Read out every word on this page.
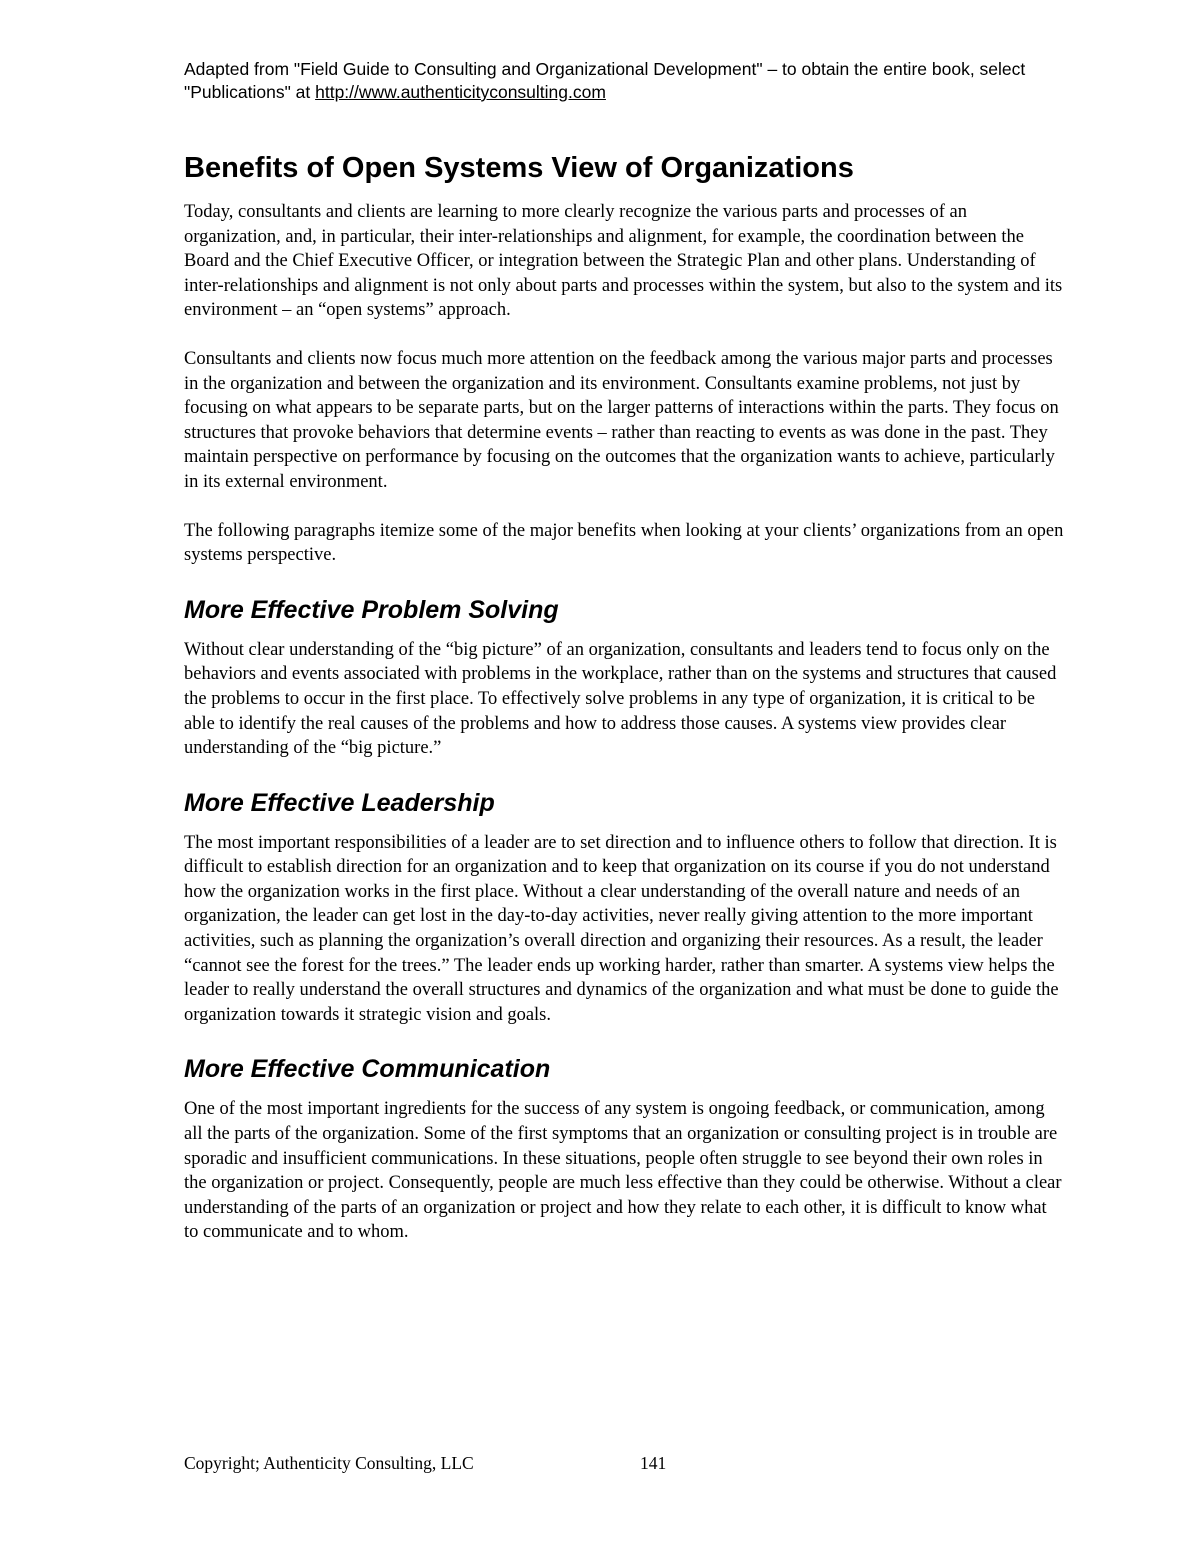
Adapted from "Field Guide to Consulting and Organizational Development" – to obtain the entire book, select "Publications" at http://www.authenticityconsulting.com
Benefits of Open Systems View of Organizations

Today, consultants and clients are learning to more clearly recognize the various parts and processes of an organization, and, in particular, their inter-relationships and alignment, for example, the coordination between the Board and the Chief Executive Officer, or integration between the Strategic Plan and other plans. Understanding of inter-relationships and alignment is not only about parts and processes within the system, but also to the system and its environment – an “open systems” approach.

Consultants and clients now focus much more attention on the feedback among the various major parts and processes in the organization and between the organization and its environment. Consultants examine problems, not just by focusing on what appears to be separate parts, but on the larger patterns of interactions within the parts. They focus on structures that provoke behaviors that determine events – rather than reacting to events as was done in the past. They maintain perspective on performance by focusing on the outcomes that the organization wants to achieve, particularly in its external environment.

The following paragraphs itemize some of the major benefits when looking at your clients’ organizations from an open systems perspective.

More Effective Problem Solving

Without clear understanding of the “big picture” of an organization, consultants and leaders tend to focus only on the behaviors and events associated with problems in the workplace, rather than on the systems and structures that caused the problems to occur in the first place. To effectively solve problems in any type of organization, it is critical to be able to identify the real causes of the problems and how to address those causes. A systems view provides clear understanding of the “big picture.”

More Effective Leadership

The most important responsibilities of a leader are to set direction and to influence others to follow that direction. It is difficult to establish direction for an organization and to keep that organization on its course if you do not understand how the organization works in the first place. Without a clear understanding of the overall nature and needs of an organization, the leader can get lost in the day-to-day activities, never really giving attention to the more important activities, such as planning the organization’s overall direction and organizing their resources. As a result, the leader “cannot see the forest for the trees.” The leader ends up working harder, rather than smarter. A systems view helps the leader to really understand the overall structures and dynamics of the organization and what must be done to guide the organization towards it strategic vision and goals.

More Effective Communication

One of the most important ingredients for the success of any system is ongoing feedback, or communication, among all the parts of the organization. Some of the first symptoms that an organization or consulting project is in trouble are sporadic and insufficient communications. In these situations, people often struggle to see beyond their own roles in the organization or project. Consequently, people are much less effective than they could be otherwise. Without a clear understanding of the parts of an organization or project and how they relate to each other, it is difficult to know what to communicate and to whom.

Copyright; Authenticity Consulting, LLC	141
